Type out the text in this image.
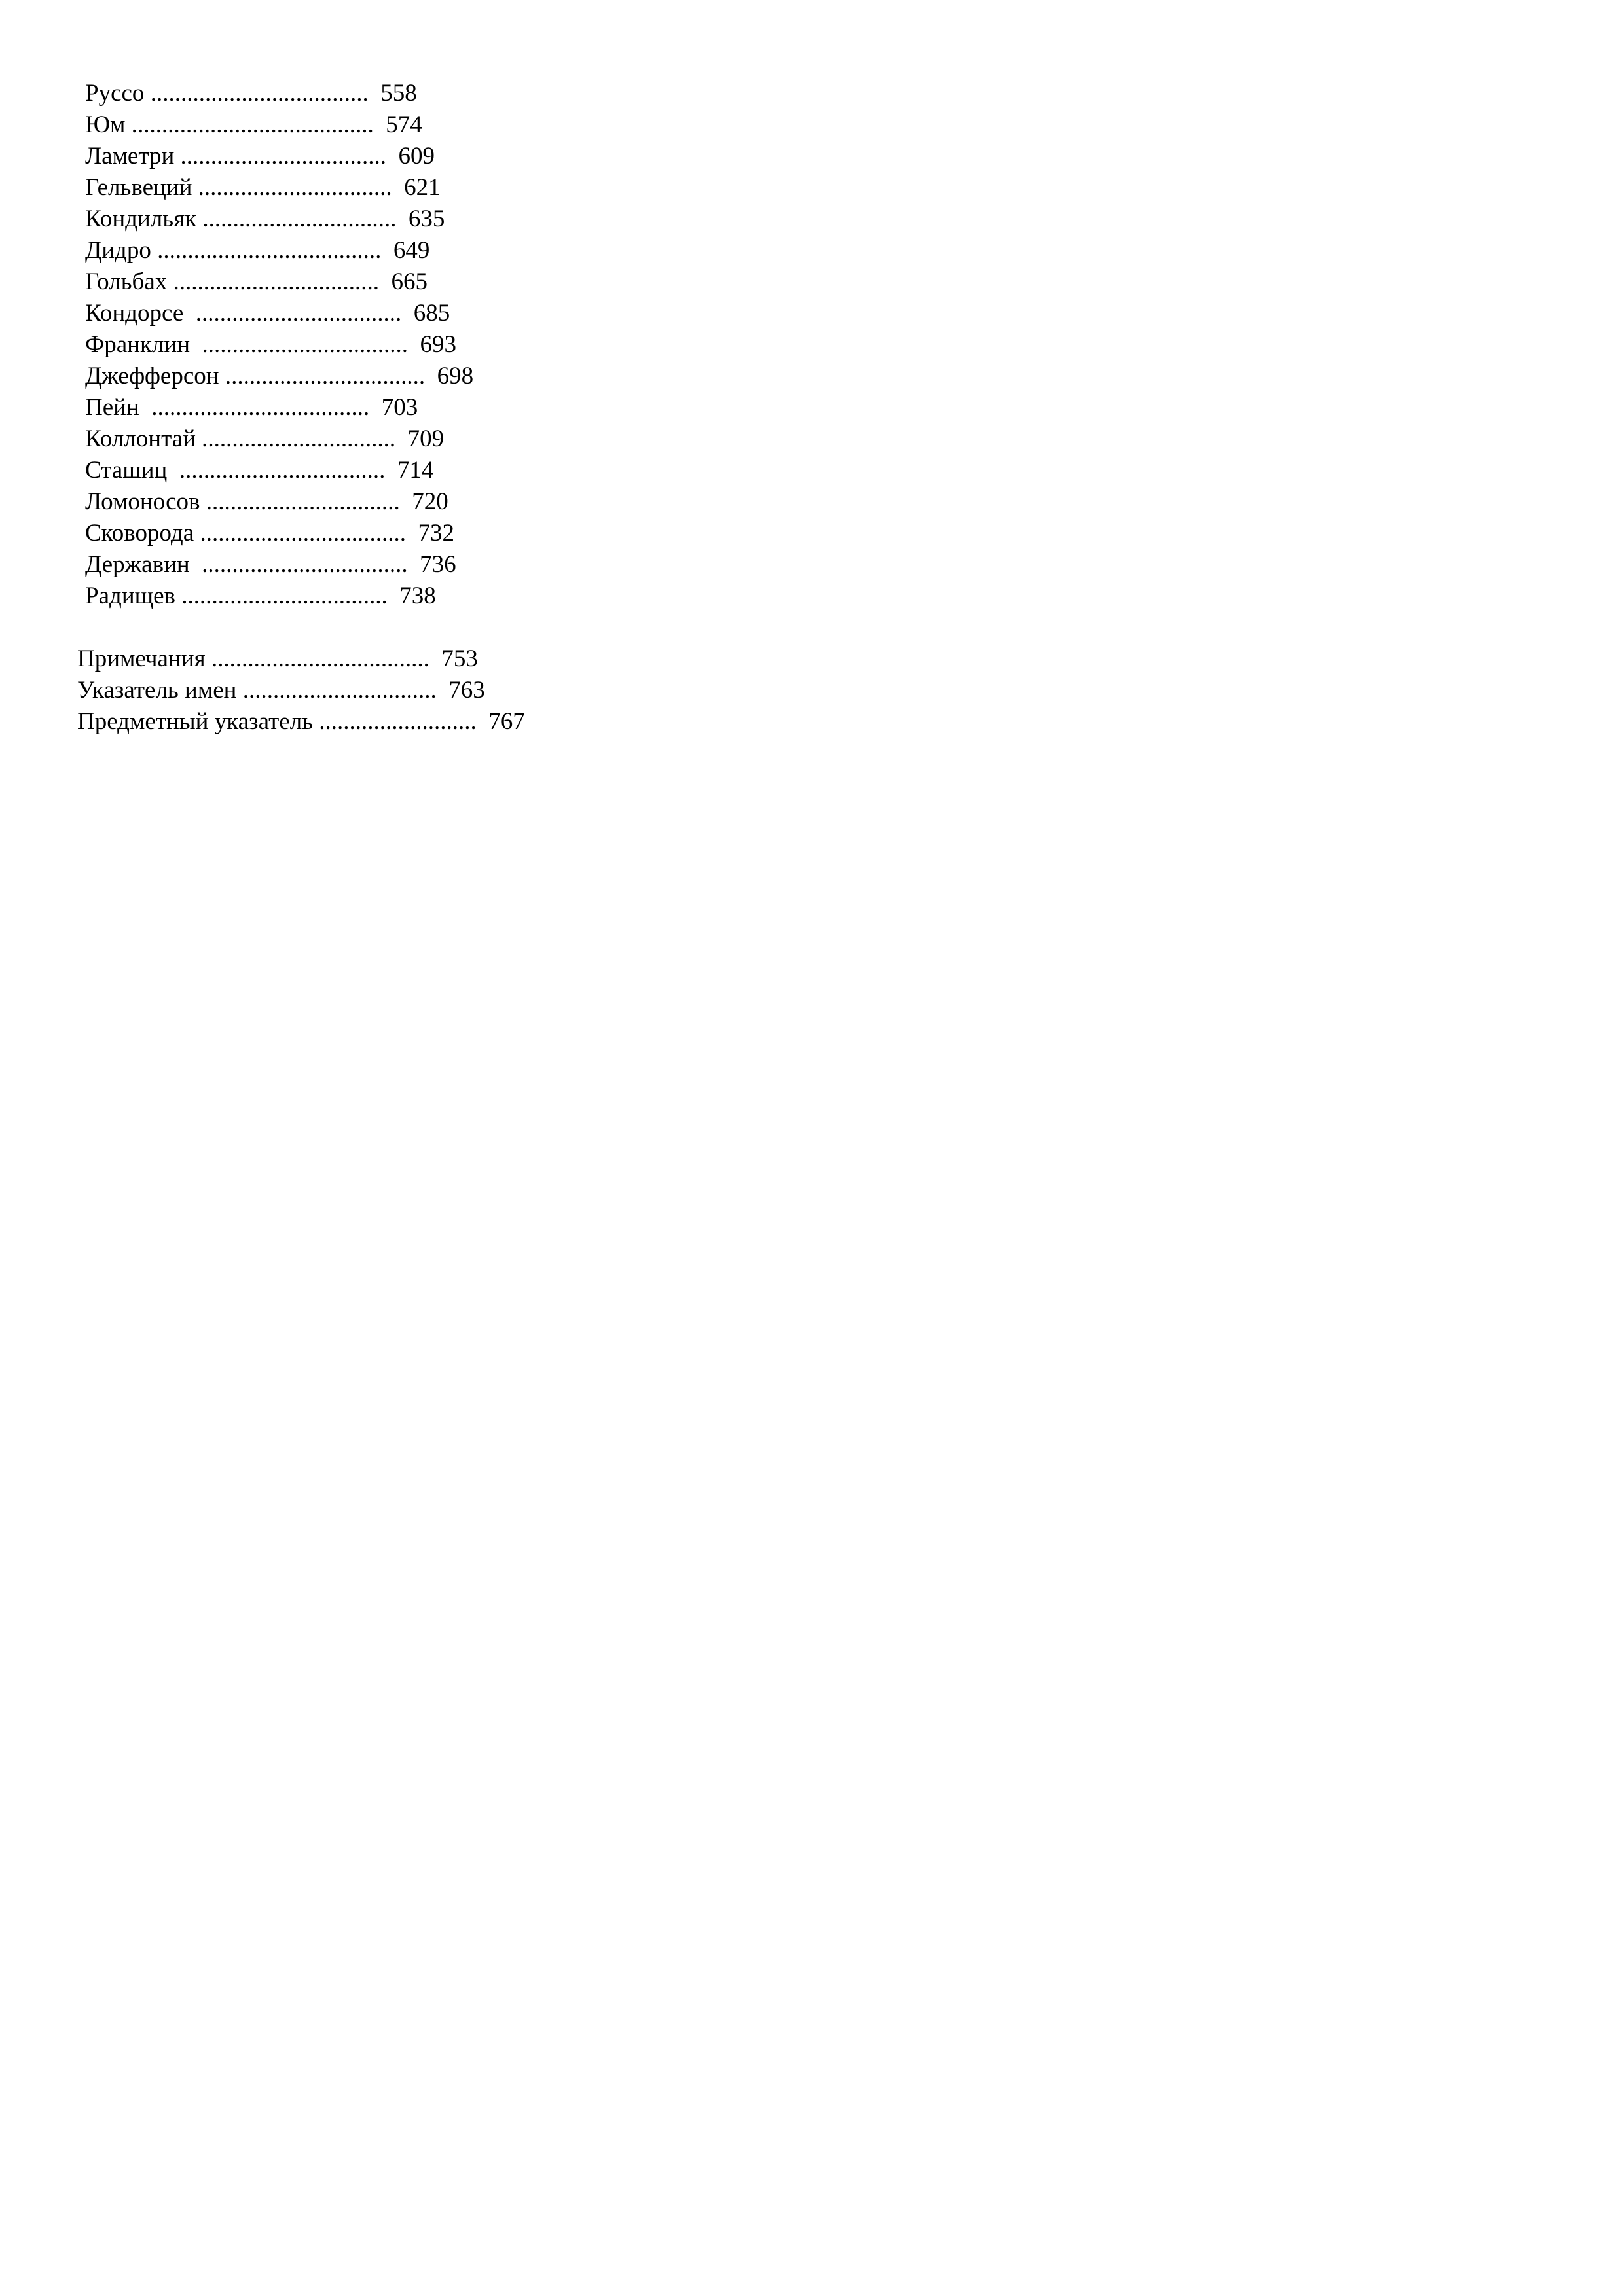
Руссо .................................... 558
Юм ........................................ 574
Ламетри .................................. 609
Гельвеций ................................ 621
Кондильяк ................................ 635
Дидро ..................................... 649
Гольбах .................................. 665
Кондорсе  .................................. 685
Франклин  .................................. 693
Джефферсон ................................. 698
Пейн  .................................... 703
Коллонтай ................................ 709
Сташиц  .................................. 714
Ломоносов ................................ 720
Сковорода .................................. 732
Державин  .................................. 736
Радищев .................................. 738
Примечания .................................... 753
Указатель имен ................................ 763
Предметный указатель .......................... 767
